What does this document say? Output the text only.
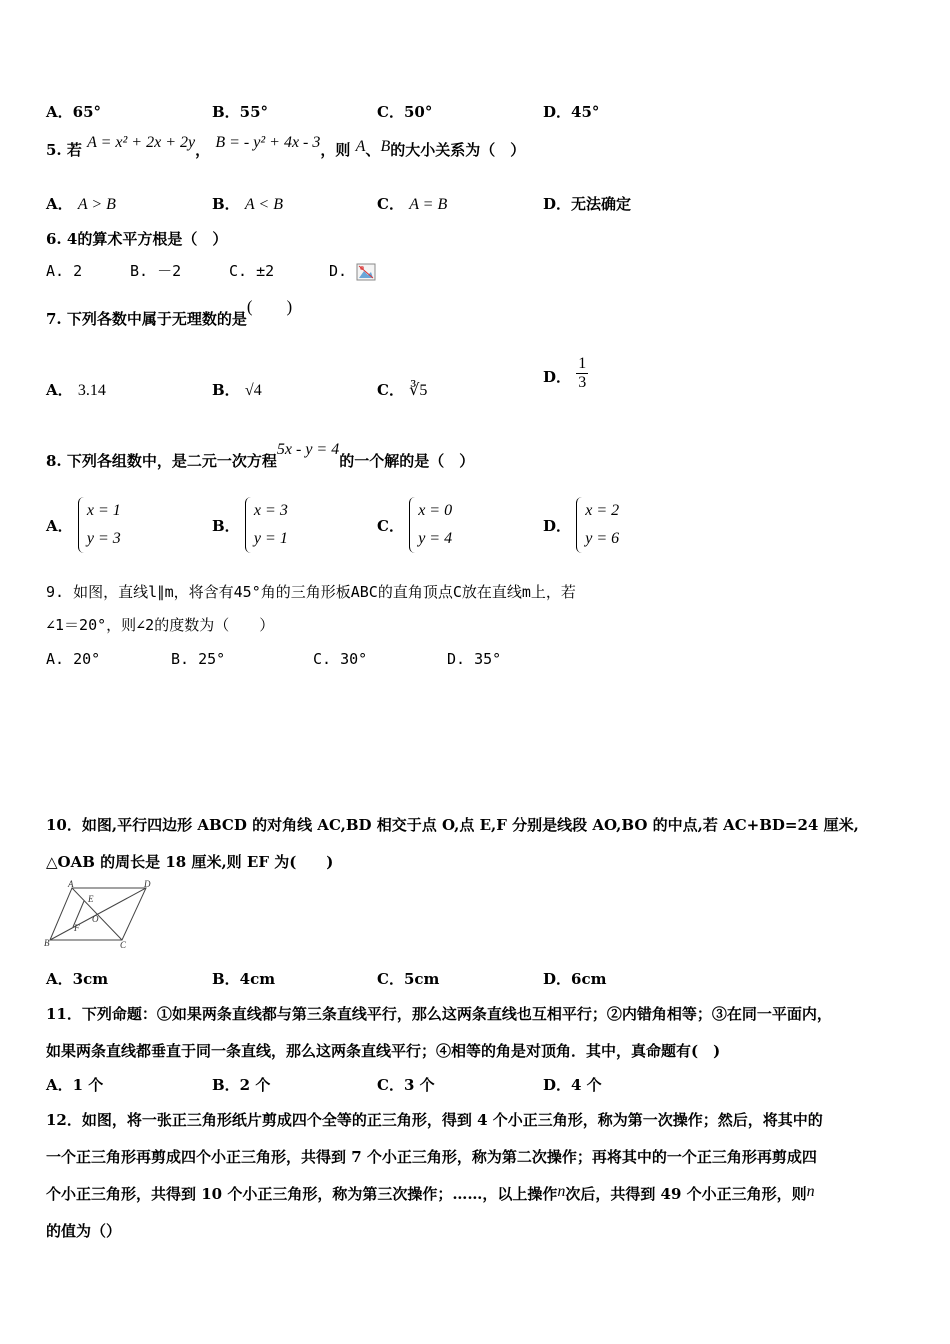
A．65°	B．55°	C．50°	D．45°
5. 若 A = x² + 2x + 2y， B = - y² + 4x - 3，则 A、B的大小关系为（　）
A． A > B	B． A < B	C． A = B	D．无法确定
6. 4的算术平方根是（　）
A. 2	B. －2	C. ±2	D.
7. 下列各数中属于无理数的是(　　)
A． 3.14	B． √4	C． ∛5
D． $\frac{1}{3}$
8. 下列各组数中，是二元一次方程5x - y = 4的一个解的是（　）
A．
x = 1
y = 3
B．
x = 3
y = 1
C．
x = 0
y = 4
D．
x = 2
y = 6
9. 如图，直线l∥m，将含有45°角的三角形板ABC的直角顶点C放在直线m上，若
∠1＝20°，则∠2的度数为（　　）
A. 20°	B. 25°	C. 30°	D. 35°
10．如图,平行四边形 ABCD 的对角线 AC,BD 相交于点 O,点 E,F 分别是线段 AO,BO 的中点,若 AC+BD=24 厘米,
△OAB 的周长是 18 厘米,则 EF 为(　　)
A
B	C
D
E
F
O
A．3cm	B．4cm	C．5cm	D．6cm
11．下列命题：①如果两条直线都与第三条直线平行，那么这两条直线也互相平行；②内错角相等；③在同一平面内，
如果两条直线都垂直于同一条直线，那么这两条直线平行；④相等的角是对顶角．其中，真命题有(　)
A．1 个	B．2 个	C．3 个	D．4 个
12．如图，将一张正三角形纸片剪成四个全等的正三角形，得到 4 个小正三角形，称为第一次操作；然后，将其中的
一个正三角形再剪成四个小正三角形，共得到 7 个小正三角形，称为第二次操作；再将其中的一个正三角形再剪成四
个小正三角形，共得到 10 个小正三角形，称为第三次操作；……，以上操作n次后，共得到 49 个小正三角形，则n
的值为（）
